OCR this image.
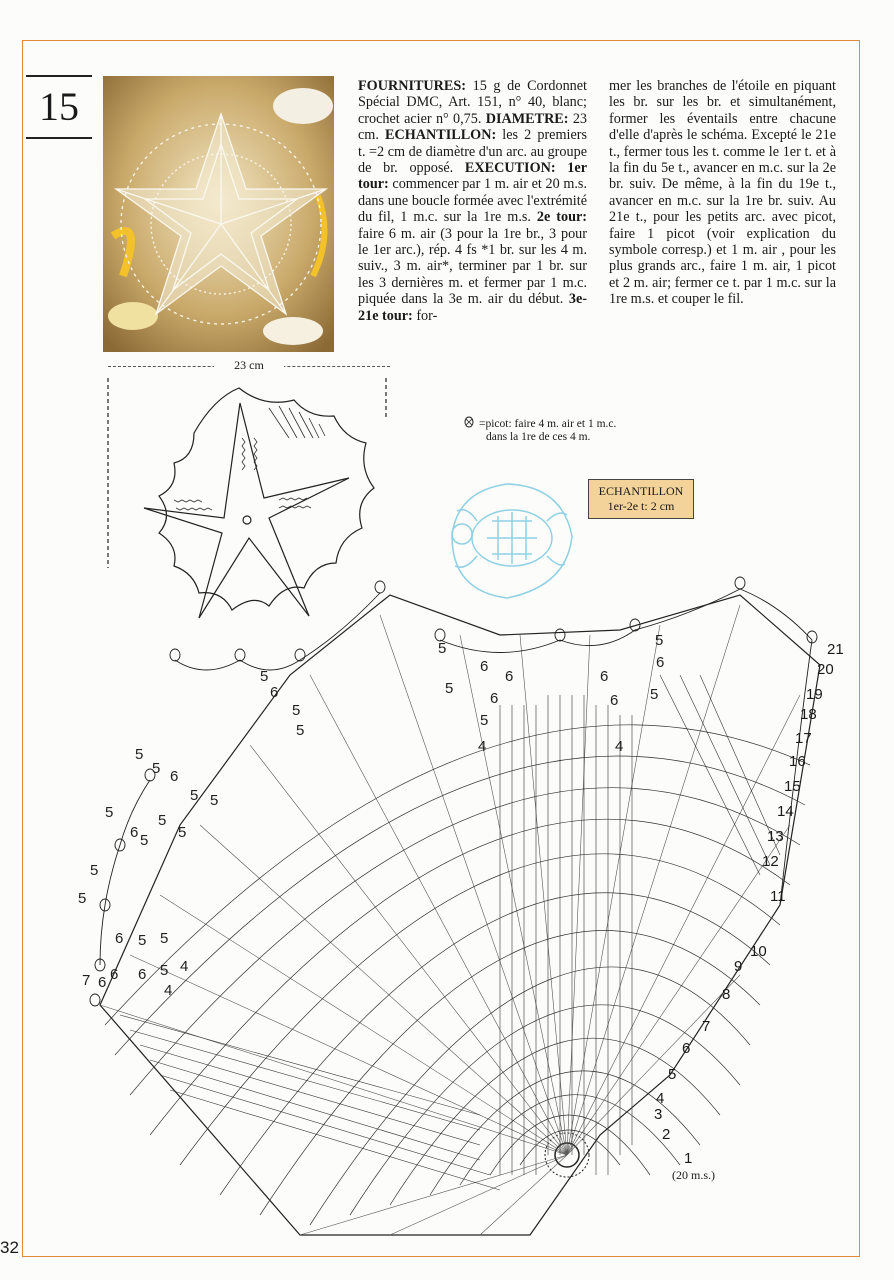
32
15	FOURNITURES: 15 g de Cordonnet Spécial DMC, Art. 151, n° 40, blanc; crochet acier n° 0,75. DIAMETRE: 23 cm. ECHANTILLON: les 2 premiers t. =2 cm de diamètre d'un arc. au groupe de br. opposé. EXECUTION: 1er tour: commencer par 1 m. air et 20 m.s. dans une boucle formée avec l'extrémité du fil, 1 m.c. sur la 1re m.s. 2e tour: faire 6 m. air (3 pour la 1re br., 3 pour le 1er arc.), rép. 4 fs *1 br. sur les 4 m. suiv., 3 m. air*, terminer par 1 br. sur les 3 dernières m. et fermer par 1 m.c. piquée dans la 3e m. air du début. 3e-21e tour: for-

mer les branches de l'étoile en piquant les br. sur les br. et simultanément, former les éventails entre chacune d'elle d'après le schéma. Excepté le 21e t., fermer tous les t. comme le 1er t. et à la fin du 5e t., avancer en m.c. sur la 2e br. suiv. De même, à la fin du 19e t., avancer en m.c. sur la 1re br. suiv. Au 21e t., pour les petits arc. avec picot, faire 1 picot (voir explication du symbole corresp.) et 1 m. air , pour les plus grands arc., faire 1 m. air, 1 picot et 2 m. air; fermer ce t. par 1 m.c. sur la 1re m.s. et couper le fil.

23 cm
=picot: faire 4 m. air et 1 m.c.
dans la 1re de ces 4 m.
ECHANTILLON
1er-2e t: 2 cm
5
6
6
5
6
6
6 5
5
6
5
6
5
5
5
4	4
5
5 6
5 5
5
5
6 5
5
5
5
6 5 5
6 6 5
7 6	4
4
1
2
3
4
5
6
7
8
9
10
11
12
13
14
15
16
17
18
19
20
21
(20 m.s.)
